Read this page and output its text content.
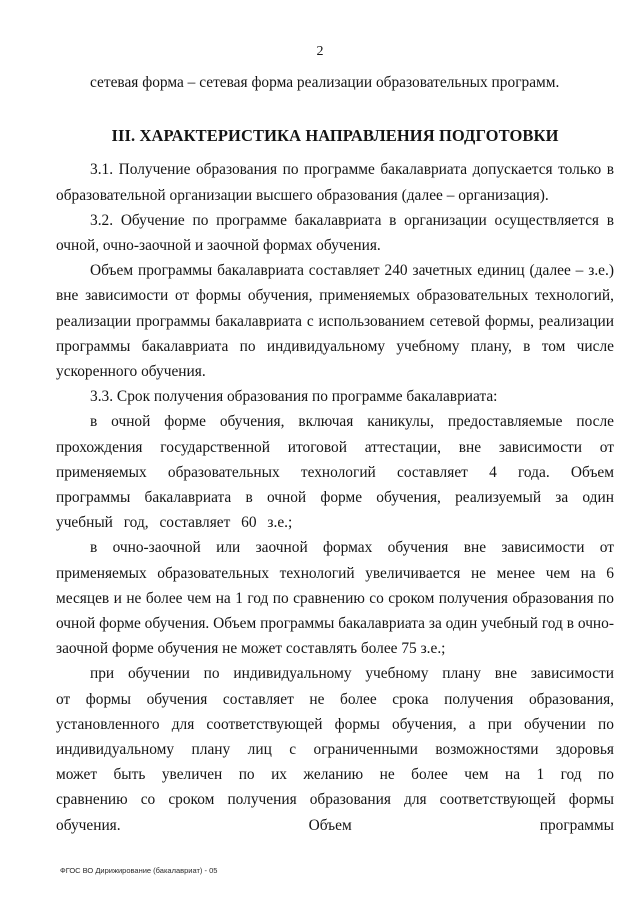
2

сетевая форма – сетевая форма реализации образовательных программ.

III. ХАРАКТЕРИСТИКА НАПРАВЛЕНИЯ ПОДГОТОВКИ

3.1. Получение образования по программе бакалавриата допускается только в образовательной организации высшего образования (далее – организация).

3.2. Обучение по программе бакалавриата в организации осуществляется в очной, очно-заочной и заочной формах обучения.

Объем программы бакалавриата составляет 240 зачетных единиц (далее – з.е.) вне зависимости от формы обучения, применяемых образовательных технологий, реализации программы бакалавриата с использованием сетевой формы, реализации программы бакалавриата по индивидуальному учебному плану, в том числе ускоренного обучения.

3.3. Срок получения образования по программе бакалавриата:

в очной форме обучения, включая каникулы, предоставляемые после прохождения государственной итоговой аттестации, вне зависимости от применяемых образовательных технологий составляет 4 года. Объем программы бакалавриата в очной форме обучения, реализуемый за один учебный год, составляет 60 з.е.;

в очно-заочной или заочной формах обучения вне зависимости от применяемых образовательных технологий увеличивается не менее чем на 6 месяцев и не более чем на 1 год по сравнению со сроком получения образования по очной форме обучения. Объем программы бакалавриата за один учебный год в очно-заочной форме обучения не может составлять более 75 з.е.;

при обучении по индивидуальному учебному плану вне зависимости от формы обучения составляет не более срока получения образования, установленного для соответствующей формы обучения, а при обучении по индивидуальному плану лиц с ограниченными возможностями здоровья может быть увеличен по их желанию не более чем на 1 год по сравнению со сроком получения образования для соответствующей формы обучения. Объем программы

ФГОС ВО Дирижирование (бакалавриат) - 05
